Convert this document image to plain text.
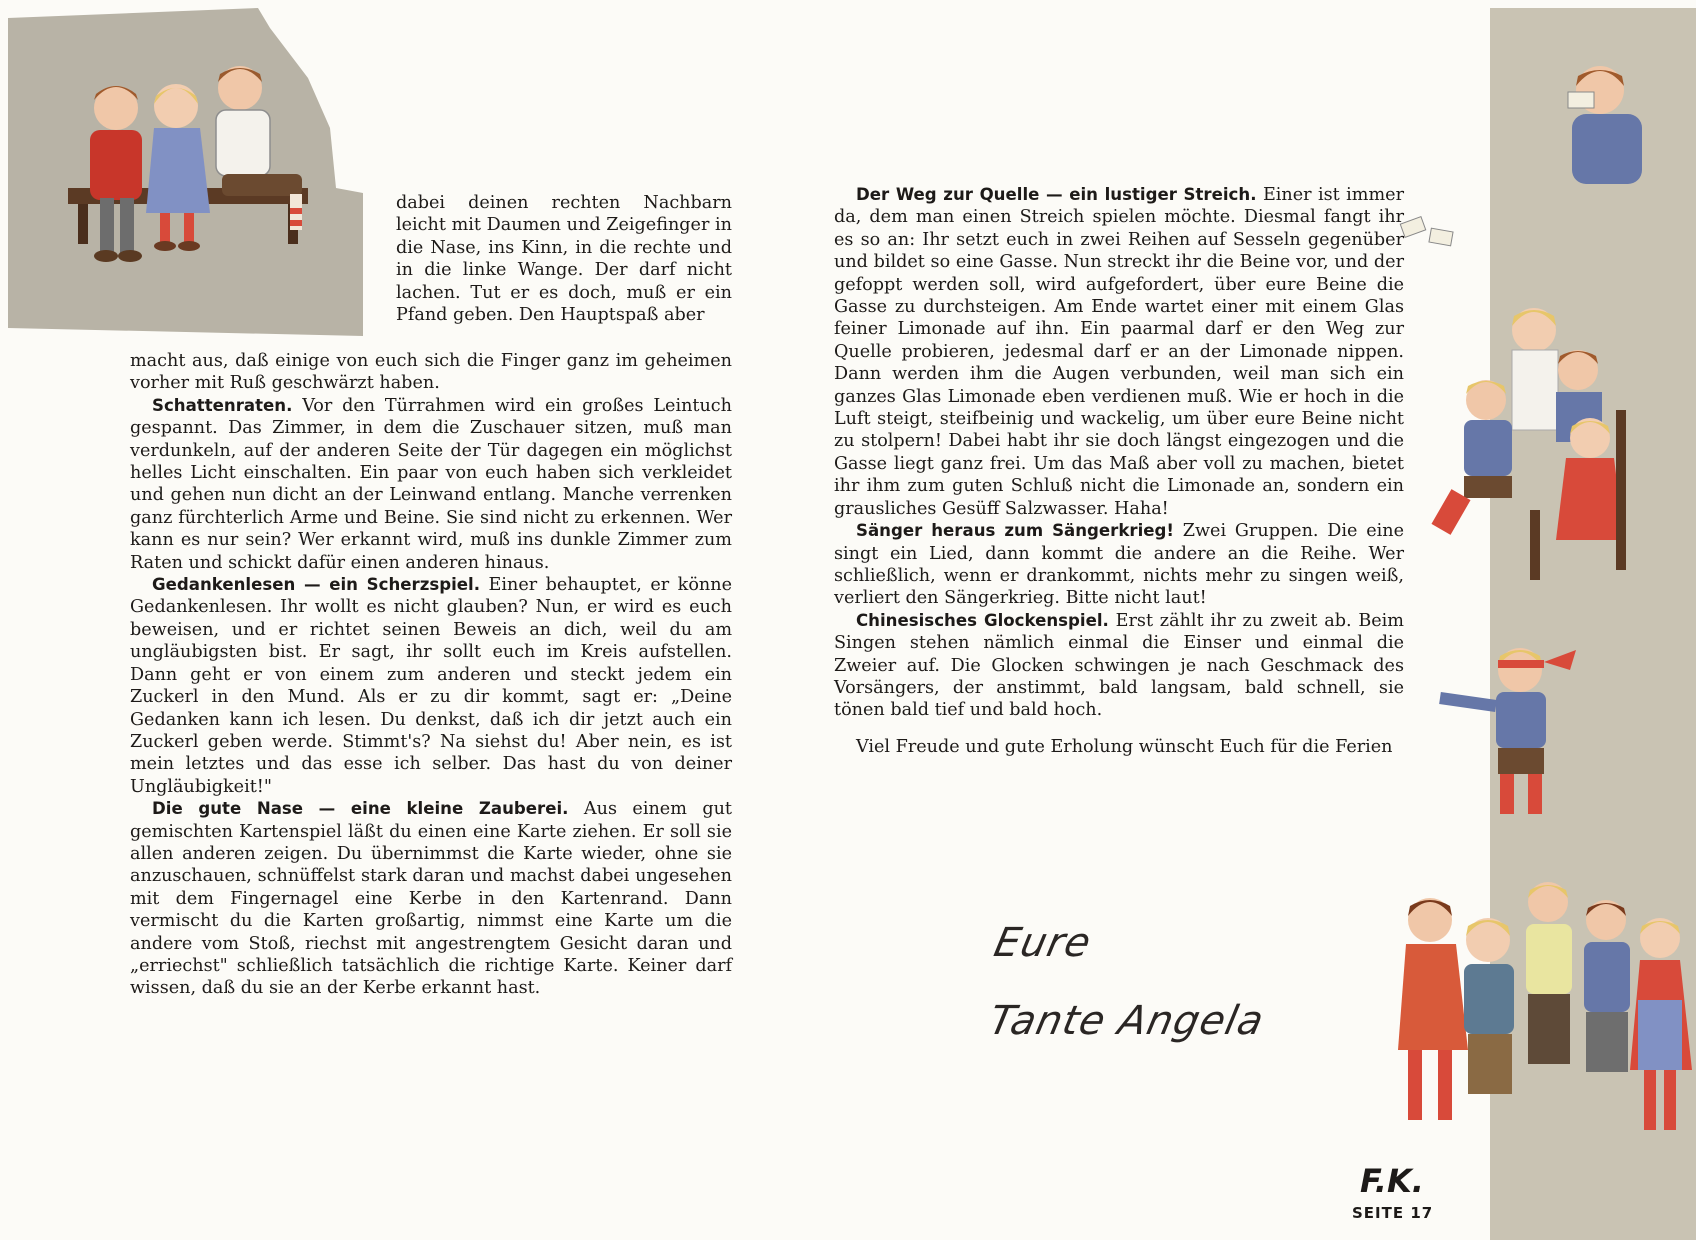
dabei deinen rechten Nachbarn leicht mit Daumen und Zeigefinger in die Nase, ins Kinn, in die rechte und in die linke Wange. Der darf nicht lachen. Tut er es doch, muß er ein Pfand geben. Den Hauptspaß aber

macht aus, daß einige von euch sich die Finger ganz im geheimen vorher mit Ruß geschwärzt haben.

Schattenraten. Vor den Türrahmen wird ein großes Leintuch gespannt. Das Zimmer, in dem die Zuschauer sitzen, muß man verdunkeln, auf der anderen Seite der Tür dagegen ein möglichst helles Licht einschalten. Ein paar von euch haben sich verkleidet und gehen nun dicht an der Leinwand entlang. Manche verrenken ganz fürchterlich Arme und Beine. Sie sind nicht zu erkennen. Wer kann es nur sein? Wer erkannt wird, muß ins dunkle Zimmer zum Raten und schickt dafür einen anderen hinaus.

Gedankenlesen — ein Scherzspiel. Einer behauptet, er könne Gedankenlesen. Ihr wollt es nicht glauben? Nun, er wird es euch beweisen, und er richtet seinen Beweis an dich, weil du am ungläubigsten bist. Er sagt, ihr sollt euch im Kreis aufstellen. Dann geht er von einem zum anderen und steckt jedem ein Zuckerl in den Mund. Als er zu dir kommt, sagt er: „Deine Gedanken kann ich lesen. Du denkst, daß ich dir jetzt auch ein Zuckerl geben werde. Stimmt's? Na siehst du! Aber nein, es ist mein letztes und das esse ich selber. Das hast du von deiner Ungläubigkeit!"

Die gute Nase — eine kleine Zauberei. Aus einem gut gemischten Kartenspiel läßt du einen eine Karte ziehen. Er soll sie allen anderen zeigen. Du übernimmst die Karte wieder, ohne sie anzuschauen, schnüffelst stark daran und machst dabei ungesehen mit dem Fingernagel eine Kerbe in den Kartenrand. Dann vermischt du die Karten großartig, nimmst eine Karte um die andere vom Stoß, riechst mit angestrengtem Gesicht daran und „erriechst" schließlich tatsächlich die richtige Karte. Keiner darf wissen, daß du sie an der Kerbe erkannt hast.

Der Weg zur Quelle — ein lustiger Streich. Einer ist immer da, dem man einen Streich spielen möchte. Diesmal fangt ihr es so an: Ihr setzt euch in zwei Reihen auf Sesseln gegenüber und bildet so eine Gasse. Nun streckt ihr die Beine vor, und der gefoppt werden soll, wird aufgefordert, über eure Beine die Gasse zu durchsteigen. Am Ende wartet einer mit einem Glas feiner Limonade auf ihn. Ein paarmal darf er den Weg zur Quelle probieren, jedesmal darf er an der Limonade nippen. Dann werden ihm die Augen verbunden, weil man sich ein ganzes Glas Limonade eben verdienen muß. Wie er hoch in die Luft steigt, steifbeinig und wackelig, um über eure Beine nicht zu stolpern! Dabei habt ihr sie doch längst eingezogen und die Gasse liegt ganz frei. Um das Maß aber voll zu machen, bietet ihr ihm zum guten Schluß nicht die Limonade an, sondern ein grausliches Gesüff Salzwasser. Haha!

Sänger heraus zum Sängerkrieg! Zwei Gruppen. Die eine singt ein Lied, dann kommt die andere an die Reihe. Wer schließlich, wenn er drankommt, nichts mehr zu singen weiß, verliert den Sängerkrieg. Bitte nicht laut!

Chinesisches Glockenspiel. Erst zählt ihr zu zweit ab. Beim Singen stehen nämlich einmal die Einser und einmal die Zweier auf. Die Glocken schwingen je nach Geschmack des Vorsängers, der anstimmt, bald langsam, bald schnell, sie tönen bald tief und bald hoch.

Viel Freude und gute Erholung wünscht Euch für die Ferien

Eure
Tante Angela
F.K.
SEITE 17
